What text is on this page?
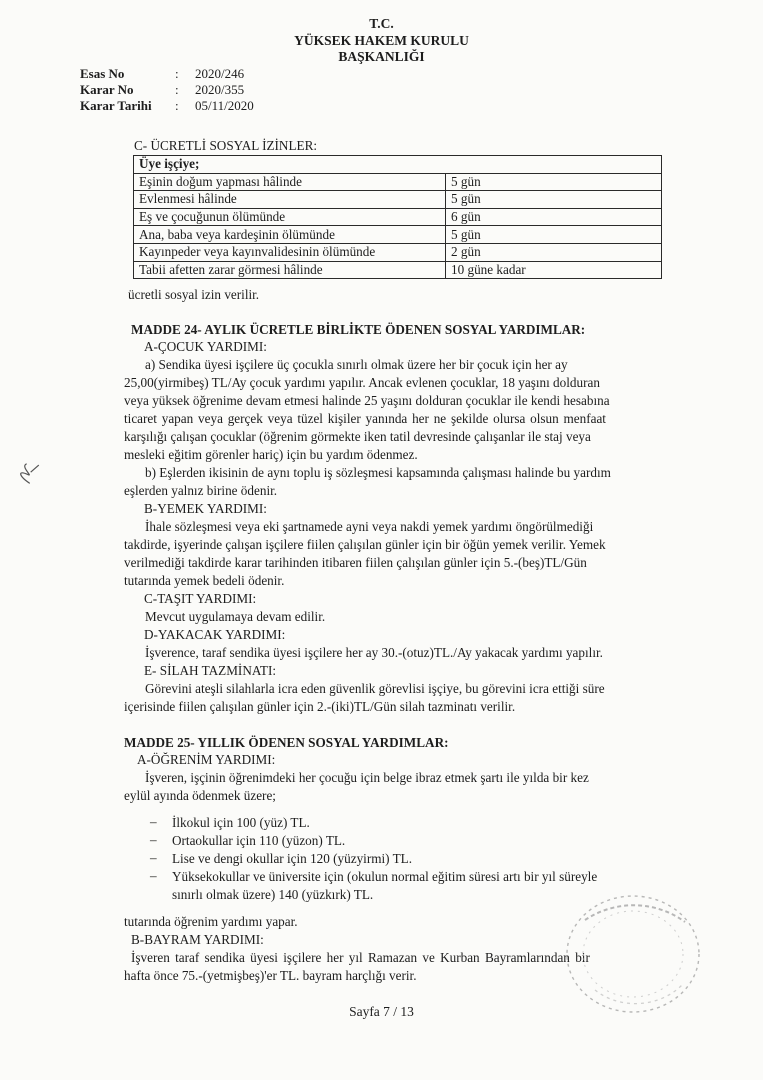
T.C.
YÜKSEK HAKEM KURULU
BAŞKANLIĞI
Esas No	:	2020/246
Karar No	:	2020/355
Karar Tarihi	:	05/11/2020
C- ÜCRETLİ SOSYAL İZİNLER:
Üye işçiye;	
Eşinin doğum yapması hâlinde	5 gün
Evlenmesi hâlinde	5 gün
Eş ve çocuğunun ölümünde	6 gün
Ana, baba veya kardeşinin ölümünde	5 gün
Kayınpeder veya kayınvalidesinin ölümünde	2 gün
Tabii afetten zarar görmesi hâlinde	10 güne kadar
ücretli sosyal izin verilir.
MADDE 24- AYLIK ÜCRETLE BİRLİKTE ÖDENEN SOSYAL YARDIMLAR:
A-ÇOCUK YARDIMI:
a) Sendika üyesi işçilere üç çocukla sınırlı olmak üzere her bir çocuk için her ay
25,00(yirmibeş) TL/Ay çocuk yardımı yapılır. Ancak evlenen çocuklar, 18 yaşını dolduran
veya yüksek öğrenime devam etmesi halinde 25 yaşını dolduran çocuklar ile kendi hesabına
ticaret yapan veya gerçek veya tüzel kişiler yanında her ne şekilde olursa olsun menfaat
karşılığı çalışan çocuklar (öğrenim görmekte iken tatil devresinde çalışanlar ile staj veya
mesleki eğitim görenler hariç) için bu yardım ödenmez.
b) Eşlerden ikisinin de aynı toplu iş sözleşmesi kapsamında çalışması halinde bu yardım
eşlerden yalnız birine ödenir.
B-YEMEK YARDIMI:
İhale sözleşmesi veya eki şartnamede ayni veya nakdi yemek yardımı öngörülmediği
takdirde, işyerinde çalışan işçilere fiilen çalışılan günler için bir öğün yemek verilir. Yemek
verilmediği takdirde karar tarihinden itibaren fiilen çalışılan günler için 5.-(beş)TL/Gün
tutarında yemek bedeli ödenir.
C-TAŞIT YARDIMI:
Mevcut uygulamaya devam edilir.
D-YAKACAK YARDIMI:
İşverence, taraf sendika üyesi işçilere her ay 30.-(otuz)TL./Ay yakacak yardımı yapılır.
E- SİLAH TAZMİNATI:
Görevini ateşli silahlarla icra eden güvenlik görevlisi işçiye, bu görevini icra ettiği süre
içerisinde fiilen çalışılan günler için 2.-(iki)TL/Gün silah tazminatı verilir.
MADDE 25- YILLIK ÖDENEN SOSYAL YARDIMLAR:
A-ÖĞRENİM YARDIMI:
İşveren, işçinin öğrenimdeki her çocuğu için belge ibraz etmek şartı ile yılda bir kez
eylül ayında ödenmek üzere;
– İlkokul için 100 (yüz) TL.
– Ortaokullar için 110 (yüzon) TL.
– Lise ve dengi okullar için 120 (yüzyirmi) TL.
– Yüksekokullar ve üniversite için (okulun normal eğitim süresi artı bir yıl süreyle
sınırlı olmak üzere) 140 (yüzkırk) TL.
tutarında öğrenim yardımı yapar.
B-BAYRAM YARDIMI:
İşveren taraf sendika üyesi işçilere her yıl Ramazan ve Kurban Bayramlarından bir
hafta önce 75.-(yetmişbeş)'er TL. bayram harçlığı verir.
Sayfa 7 / 13
